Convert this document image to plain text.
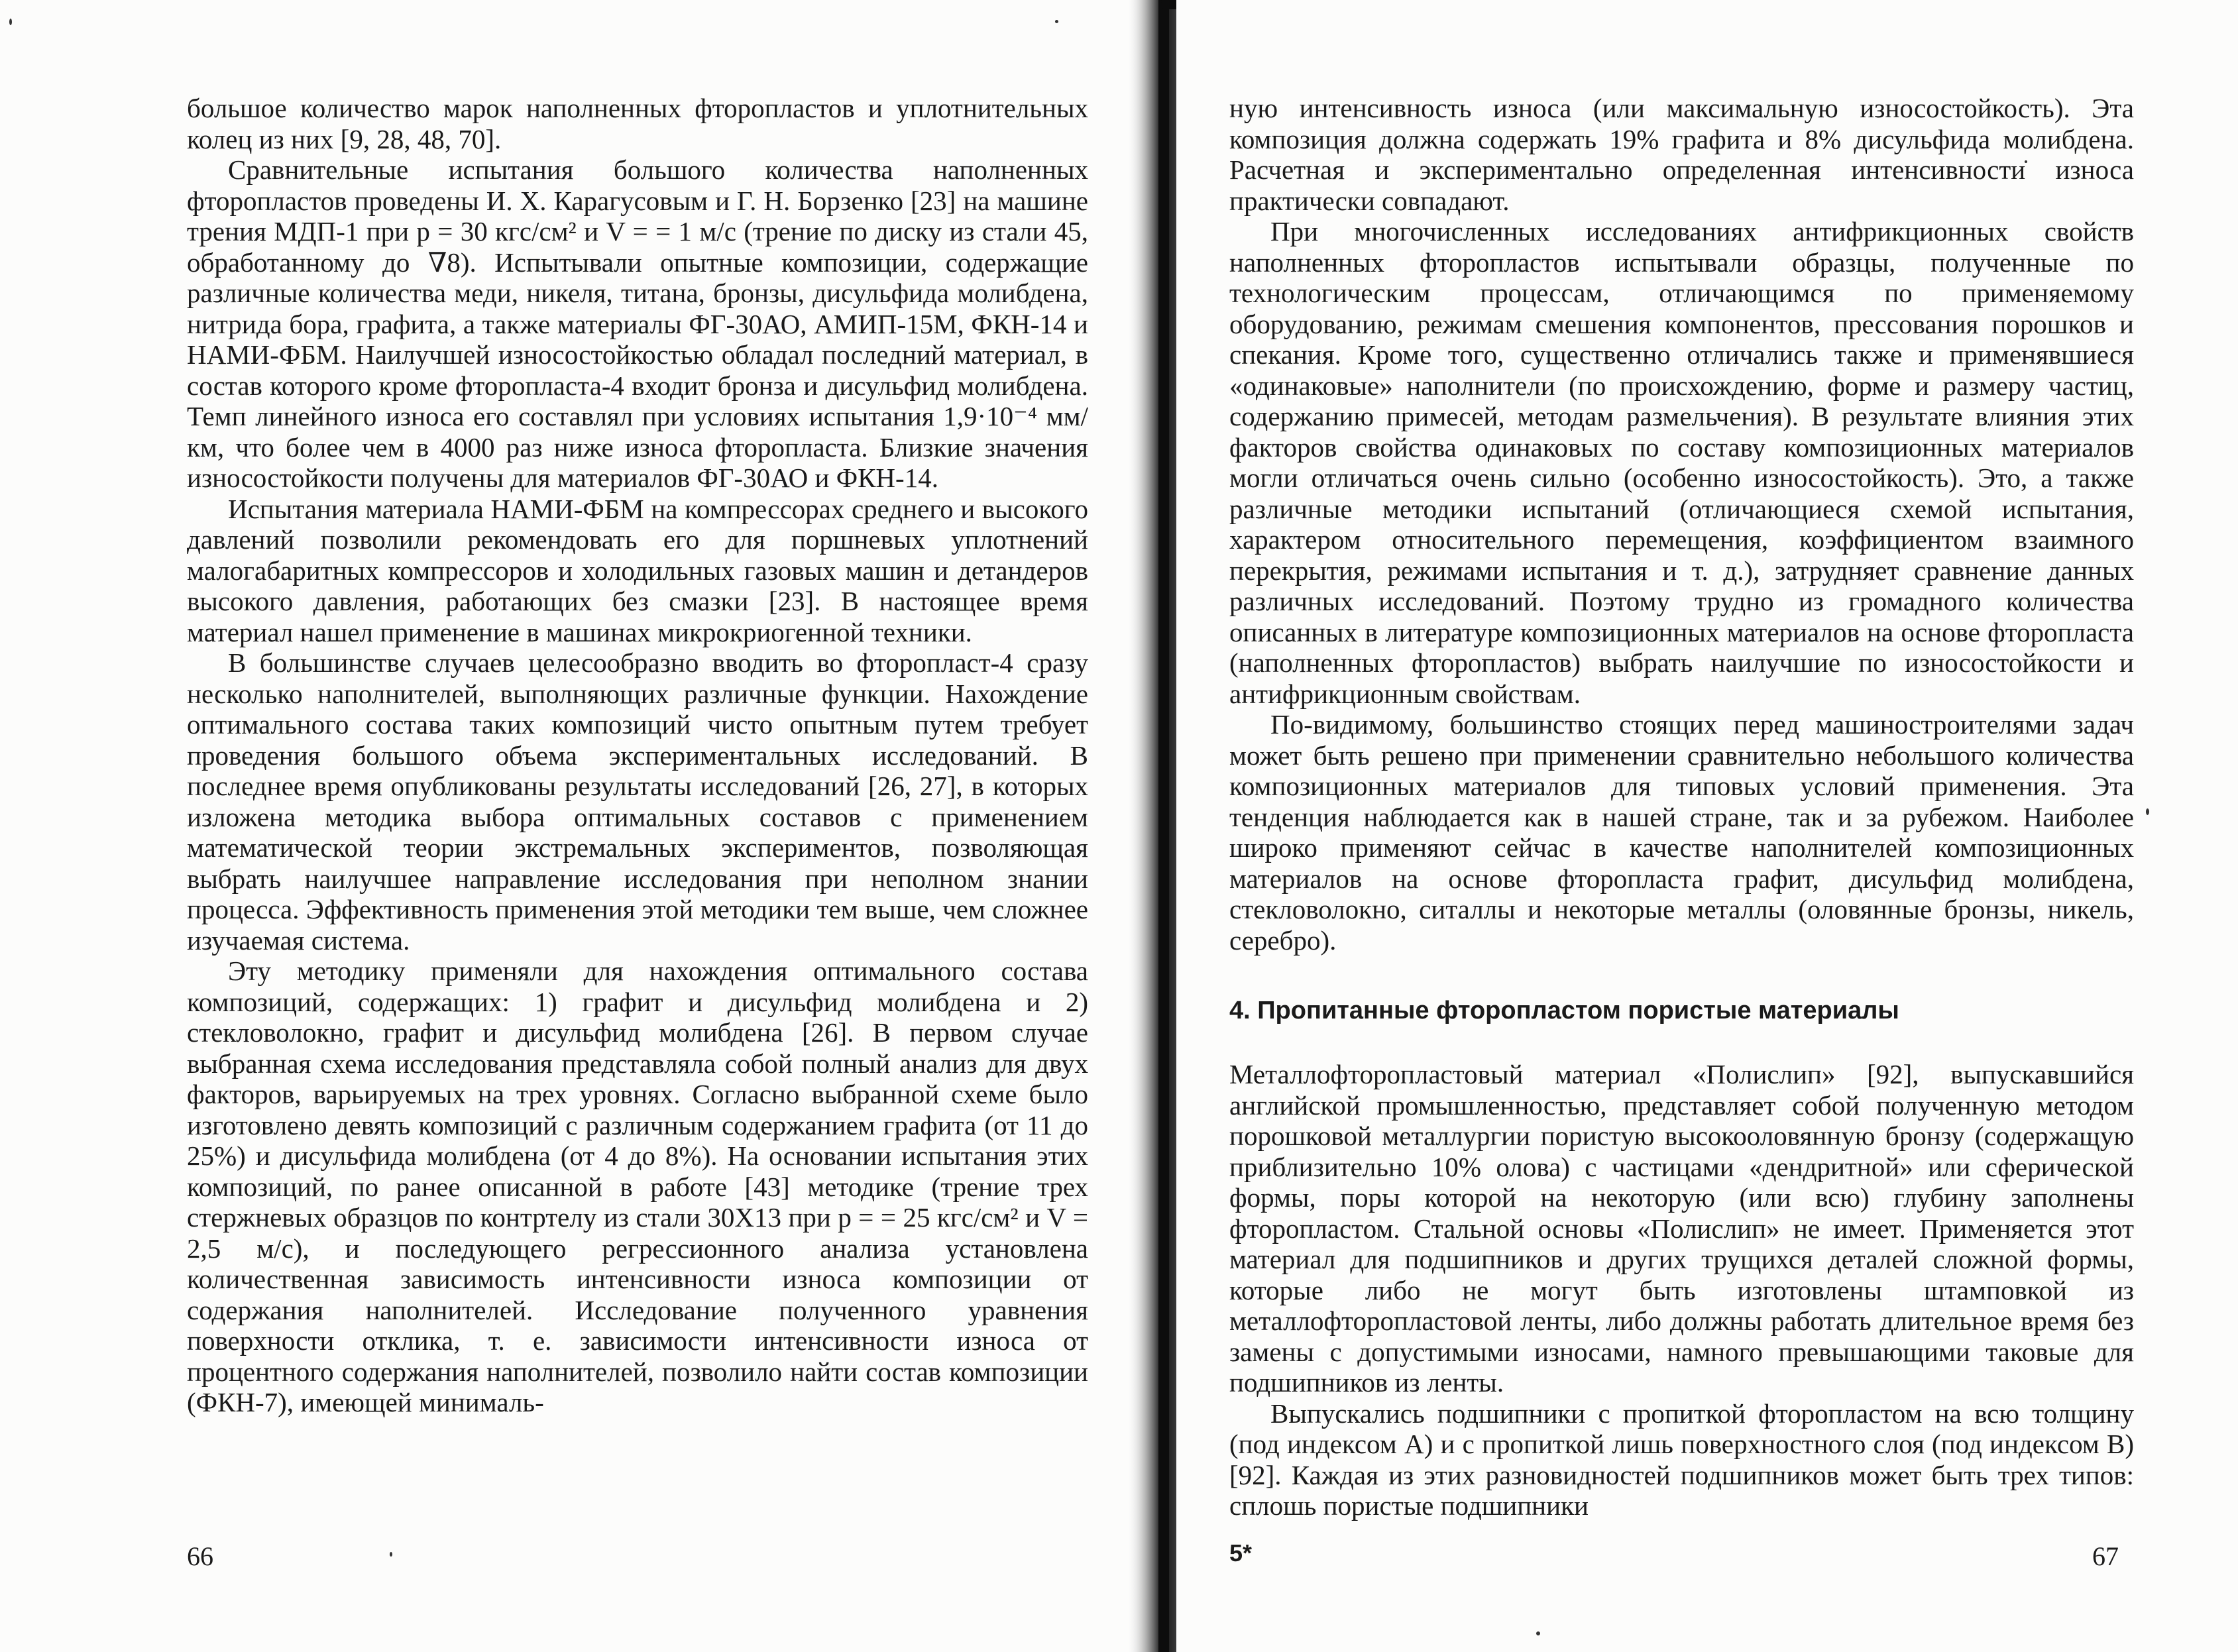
большое количество марок наполненных фторопластов и уплотнительных колец из них [9, 28, 48, 70].

Сравнительные испытания большого количества наполненных фторопластов проведены И. Х. Карагусовым и Г. Н. Борзенко [23] на машине трения МДП-1 при p = 30 кгс/см² и V = = 1 м/с (трение по диску из стали 45, обработанному до ∇8). Испытывали опытные композиции, содержащие различные количества меди, никеля, титана, бронзы, дисульфида молибдена, нитрида бора, графита, а также материалы ФГ-30АО, АМИП-15М, ФКН-14 и НАМИ-ФБМ. Наилучшей износостойкостью обладал последний материал, в состав которого кроме фторопласта-4 входит бронза и дисульфид молибдена. Темп линейного износа его составлял при условиях испытания 1,9·10⁻⁴ мм/км, что более чем в 4000 раз ниже износа фторопласта. Близкие значения износостойкости получены для материалов ФГ-30АО и ФКН-14.

Испытания материала НАМИ-ФБМ на компрессорах среднего и высокого давлений позволили рекомендовать его для поршневых уплотнений малогабаритных компрессоров и холодильных газовых машин и детандеров высокого давления, работающих без смазки [23]. В настоящее время материал нашел применение в машинах микрокриогенной техники.

В большинстве случаев целесообразно вводить во фторопласт-4 сразу несколько наполнителей, выполняющих различные функции. Нахождение оптимального состава таких композиций чисто опытным путем требует проведения большого объема экспериментальных исследований. В последнее время опубликованы результаты исследований [26, 27], в которых изложена методика выбора оптимальных составов с применением математической теории экстремальных экспериментов, позволяющая выбрать наилучшее направление исследования при неполном знании процесса. Эффективность применения этой методики тем выше, чем сложнее изучаемая система.

Эту методику применяли для нахождения оптимального состава композиций, содержащих: 1) графит и дисульфид молибдена и 2) стекловолокно, графит и дисульфид молибдена [26]. В первом случае выбранная схема исследования представляла собой полный анализ для двух факторов, варьируемых на трех уровнях. Согласно выбранной схеме было изготовлено девять композиций с различным содержанием графита (от 11 до 25%) и дисульфида молибдена (от 4 до 8%). На основании испытания этих композиций, по ранее описанной в работе [43] методике (трение трех стержневых образцов по контртелу из стали 30Х13 при p = = 25 кгс/см² и V = 2,5 м/с), и последующего регрессионного анализа установлена количественная зависимость интенсивности износа композиции от содержания наполнителей. Исследование полученного уравнения поверхности отклика, т. е. зависимости интенсивности износа от процентного содержания наполнителей, позволило найти состав композиции (ФКН-7), имеющей минималь-

66

ную интенсивность износа (или максимальную износостойкость). Эта композиция должна содержать 19% графита и 8% дисульфида молибдена. Расчетная и экспериментально определенная интенсивности износа практически совпадают.

При многочисленных исследованиях антифрикционных свойств наполненных фторопластов испытывали образцы, полученные по технологическим процессам, отличающимся по применяемому оборудованию, режимам смешения компонентов, прессования порошков и спекания. Кроме того, существенно отличались также и применявшиеся «одинаковые» наполнители (по происхождению, форме и размеру частиц, содержанию примесей, методам размельчения). В результате влияния этих факторов свойства одинаковых по составу композиционных материалов могли отличаться очень сильно (особенно износостойкость). Это, а также различные методики испытаний (отличающиеся схемой испытания, характером относительного перемещения, коэффициентом взаимного перекрытия, режимами испытания и т. д.), затрудняет сравнение данных различных исследований. Поэтому трудно из громадного количества описанных в литературе композиционных материалов на основе фторопласта (наполненных фторопластов) выбрать наилучшие по износостойкости и антифрикционным свойствам.

По-видимому, большинство стоящих перед машиностроителями задач может быть решено при применении сравнительно небольшого количества композиционных материалов для типовых условий применения. Эта тенденция наблюдается как в нашей стране, так и за рубежом. Наиболее широко применяют сейчас в качестве наполнителей композиционных материалов на основе фторопласта графит, дисульфид молибдена, стекловолокно, ситаллы и некоторые металлы (оловянные бронзы, никель, серебро).

4. Пропитанные фторопластом пористые материалы

Металлофторопластовый материал «Полислип» [92], выпускавшийся английской промышленностью, представляет собой полученную методом порошковой металлургии пористую высокооловянную бронзу (содержащую приблизительно 10% олова) с частицами «дендритной» или сферической формы, поры которой на некоторую (или всю) глубину заполнены фторопластом. Стальной основы «Полислип» не имеет. Применяется этот материал для подшипников и других трущихся деталей сложной формы, которые либо не могут быть изготовлены штамповкой из металлофторопластовой ленты, либо должны работать длительное время без замены с допустимыми износами, намного превышающими таковые для подшипников из ленты.

Выпускались подшипники с пропиткой фторопластом на всю толщину (под индексом А) и с пропиткой лишь поверхностного слоя (под индексом В) [92]. Каждая из этих разновидностей подшипников может быть трех типов: сплошь пористые подшипники

5*	67
